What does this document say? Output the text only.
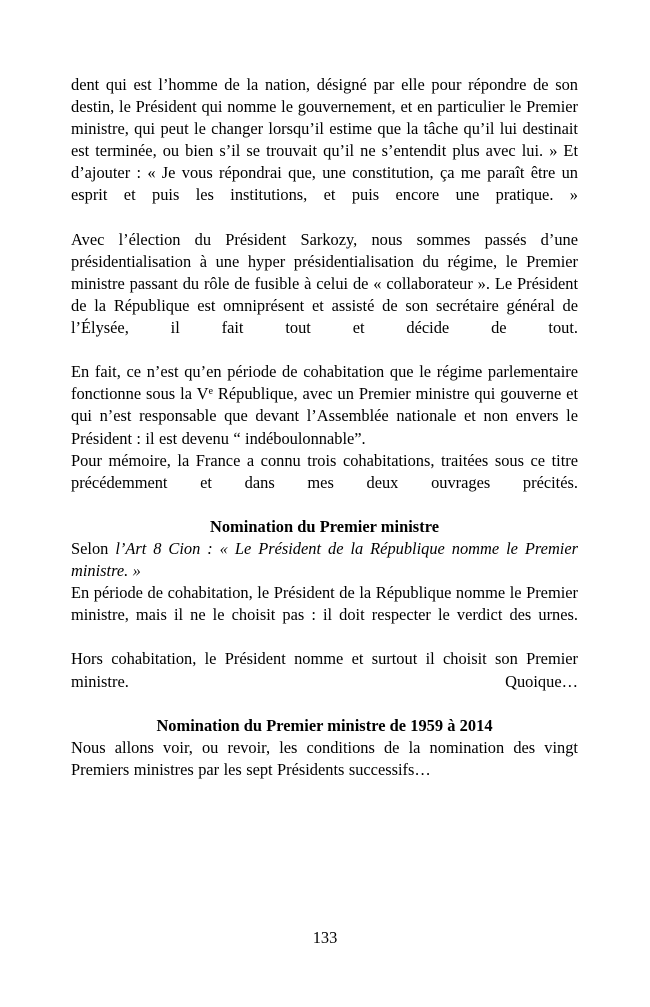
dent qui est l’homme de la nation, désigné par elle pour répondre de son destin, le Président qui nomme le gouvernement, et en particulier le Premier ministre, qui peut le changer lorsqu’il estime que la tâche qu’il lui destinait est terminée, ou bien s’il se trouvait qu’il ne s’entendit plus avec lui. » Et d’ajouter : « Je vous répondrai que, une constitution, ça me paraît être un esprit et puis les institutions, et puis encore une pratique. »

Avec l’élection du Président Sarkozy, nous sommes passés d’une présidentialisation à une hyper présidentialisation du régime, le Premier ministre passant du rôle de fusible à celui de « collaborateur ». Le Président de la République est omniprésent et assisté de son secrétaire général de l’Élysée, il fait tout et décide de tout.

En fait, ce n’est qu’en période de cohabitation que le régime parlementaire fonctionne sous la Ve République, avec un Premier ministre qui gouverne et qui n’est responsable que devant l’Assemblée nationale et non envers le Président : il est devenu “ indéboulonnable”.

Pour mémoire, la France a connu trois cohabitations, traitées sous ce titre précédemment et dans mes deux ouvrages précités.

Nomination du Premier ministre

Selon l’Art 8 Cion : « Le Président de la République nomme le Premier ministre. »

En période de cohabitation, le Président de la République nomme le Premier ministre, mais il ne le choisit pas : il doit respecter le verdict des urnes.

Hors cohabitation, le Président nomme et surtout il choisit son Premier ministre. Quoique…

Nomination du Premier ministre de 1959 à 2014

Nous allons voir, ou revoir, les conditions de la nomination des vingt Premiers ministres par les sept Présidents successifs…

133
